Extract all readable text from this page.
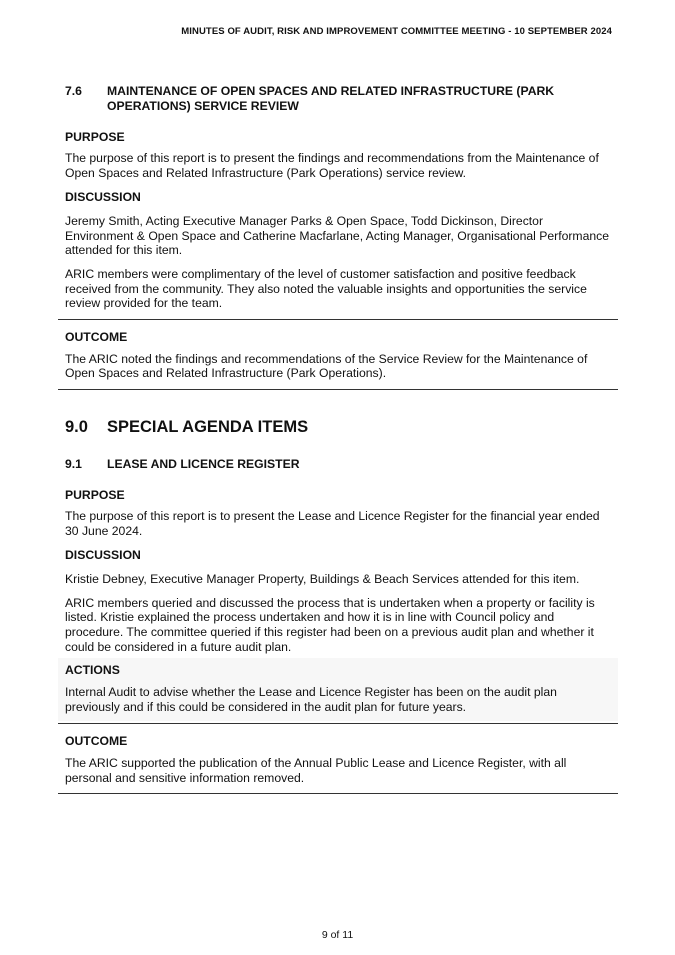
MINUTES OF AUDIT, RISK AND IMPROVEMENT COMMITTEE MEETING - 10 SEPTEMBER 2024
7.6	MAINTENANCE OF OPEN SPACES AND RELATED INFRASTRUCTURE (PARK OPERATIONS) SERVICE REVIEW
PURPOSE
The purpose of this report is to present the findings and recommendations from the Maintenance of Open Spaces and Related Infrastructure (Park Operations) service review.
DISCUSSION
Jeremy Smith, Acting Executive Manager Parks & Open Space, Todd Dickinson, Director Environment & Open Space and Catherine Macfarlane, Acting Manager, Organisational Performance attended for this item.
ARIC members were complimentary of the level of customer satisfaction and positive feedback received from the community. They also noted the valuable insights and opportunities the service review provided for the team.
OUTCOME
The ARIC noted the findings and recommendations of the Service Review for the Maintenance of Open Spaces and Related Infrastructure (Park Operations).
9.0	SPECIAL AGENDA ITEMS
9.1	LEASE AND LICENCE REGISTER
PURPOSE
The purpose of this report is to present the Lease and Licence Register for the financial year ended 30 June 2024.
DISCUSSION
Kristie Debney, Executive Manager Property, Buildings & Beach Services attended for this item.
ARIC members queried and discussed the process that is undertaken when a property or facility is listed. Kristie explained the process undertaken and how it is in line with Council policy and procedure. The committee queried if this register had been on a previous audit plan and whether it could be considered in a future audit plan.
ACTIONS
Internal Audit to advise whether the Lease and Licence Register has been on the audit plan previously and if this could be considered in the audit plan for future years.
OUTCOME
The ARIC supported the publication of the Annual Public Lease and Licence Register, with all personal and sensitive information removed.
9 of 11
